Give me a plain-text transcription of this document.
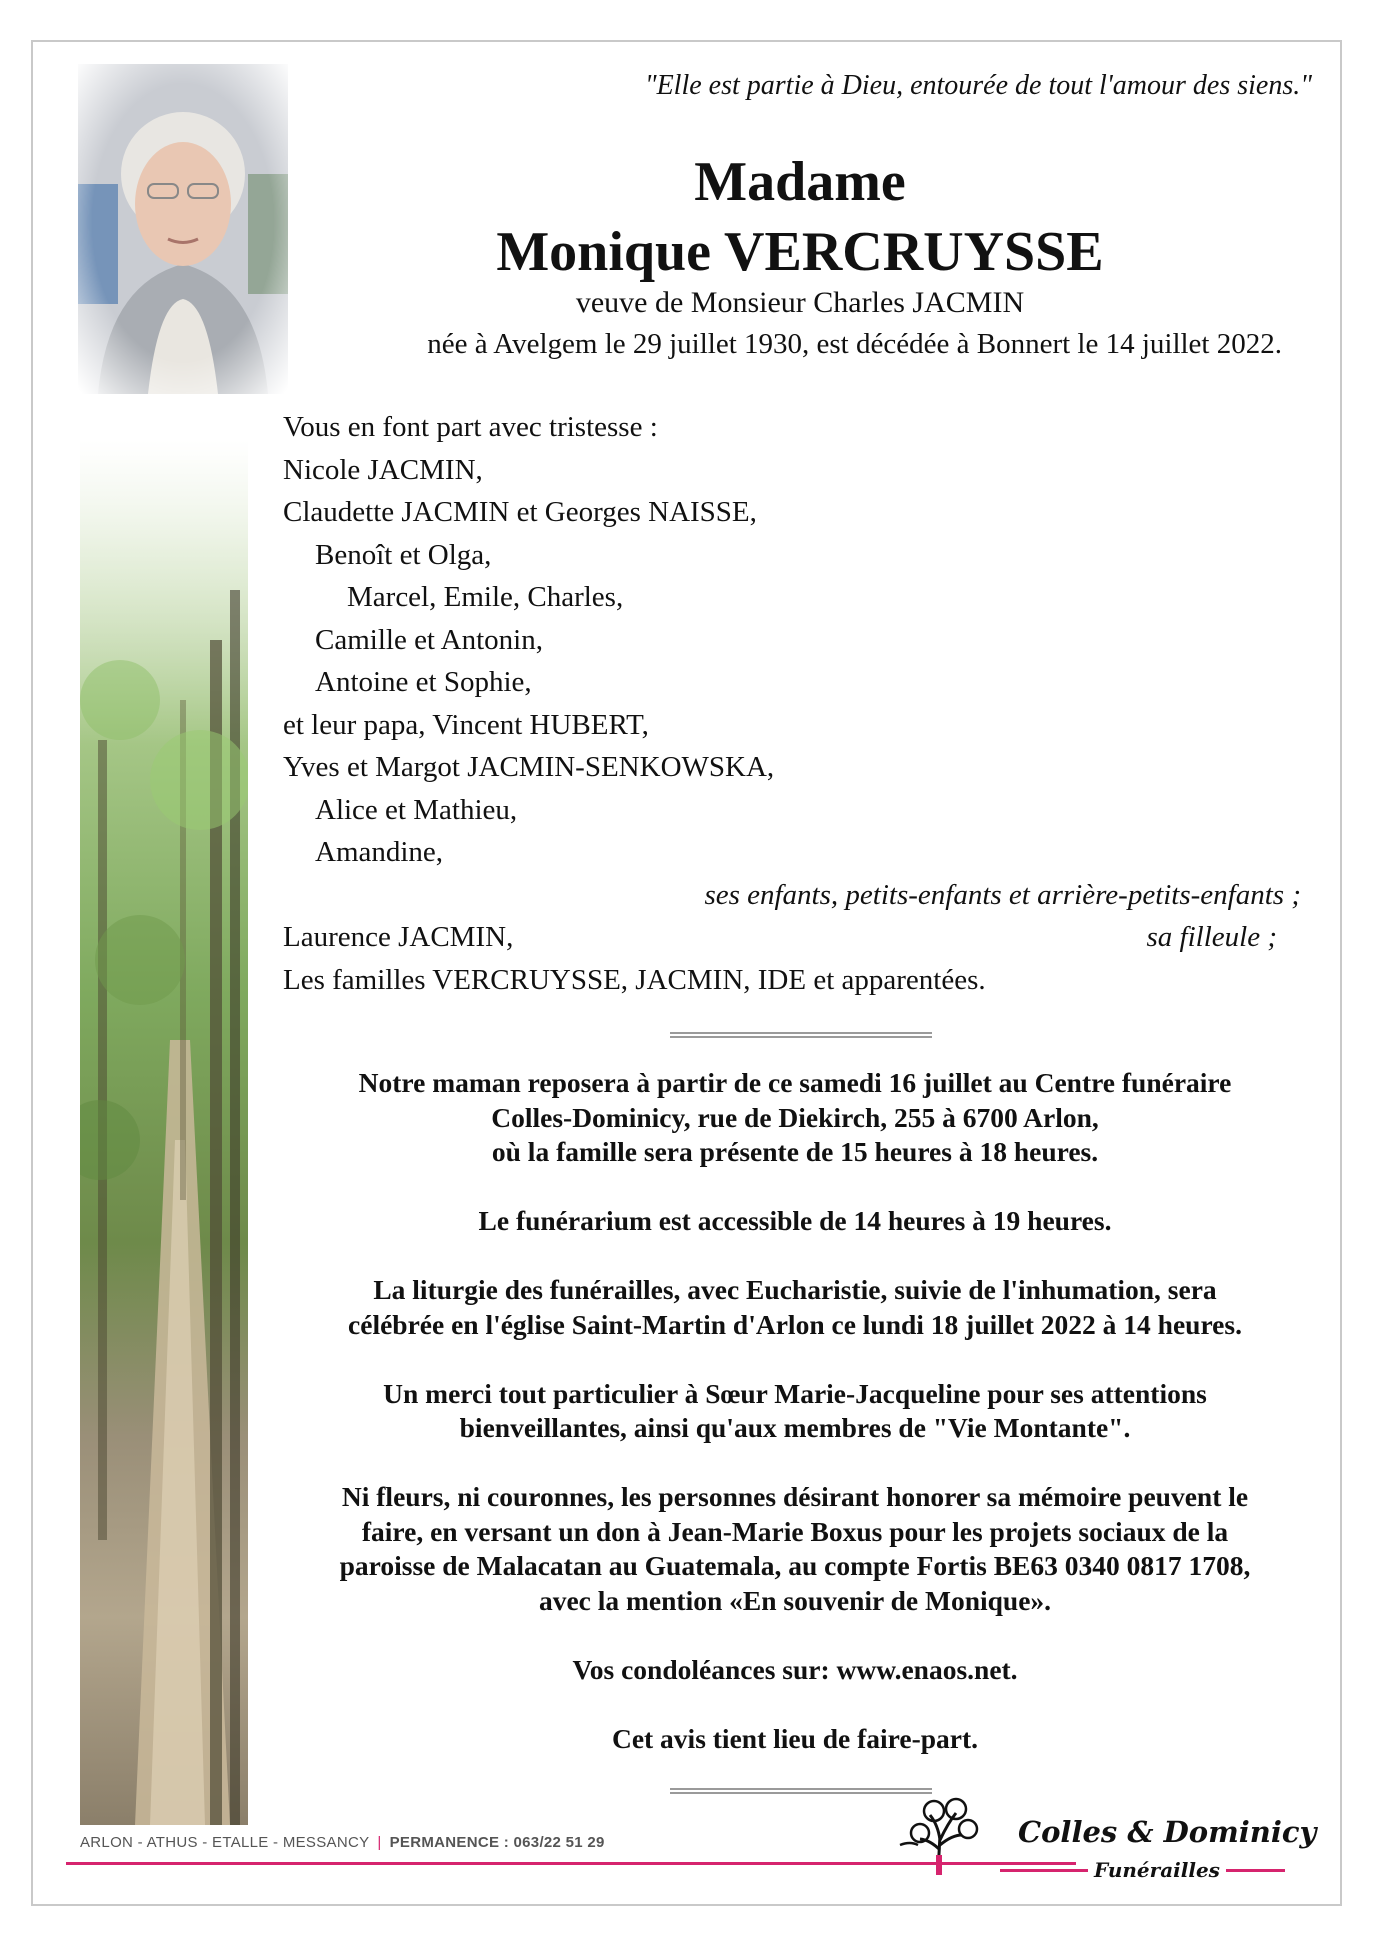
"Elle est partie à Dieu, entourée de tout l'amour des siens."
Madame
Monique VERCRUYSSE
veuve de Monsieur Charles JACMIN
née à Avelgem le 29 juillet 1930, est décédée à Bonnert le 14 juillet 2022.
Vous en font part avec tristesse :
Nicole JACMIN,
Claudette JACMIN et Georges NAISSE,
Benoît et Olga,
Marcel, Emile, Charles,
Camille et Antonin,
Antoine et Sophie,
et leur papa, Vincent HUBERT,
Yves et Margot JACMIN-SENKOWSKA,
Alice et Mathieu,
Amandine,
ses enfants, petits-enfants et arrière-petits-enfants ;
Laurence JACMIN,	sa filleule ;
Les familles VERCRUYSSE, JACMIN, IDE et apparentées.

Notre maman reposera à partir de ce samedi 16 juillet au Centre funéraire
Colles-Dominicy, rue de Diekirch, 255 à 6700 Arlon,
où la famille sera présente de 15 heures à 18 heures.

Le funérarium est accessible de 14 heures à 19 heures.

La liturgie des funérailles, avec Eucharistie, suivie de l'inhumation, sera
célébrée en l'église Saint-Martin d'Arlon ce lundi 18 juillet 2022 à 14 heures.

Un merci tout particulier à Sœur Marie-Jacqueline pour ses attentions
bienveillantes, ainsi qu'aux membres de "Vie Montante".

Ni fleurs, ni couronnes, les personnes désirant honorer sa mémoire peuvent le
faire, en versant un don à Jean-Marie Boxus pour les projets sociaux de la
paroisse de Malacatan au Guatemala, au compte Fortis BE63 0340 0817 1708,
avec la mention «En souvenir de Monique».

Vos condoléances sur: www.enaos.net.

Cet avis tient lieu de faire-part.

ARLON - ATHUS - ETALLE - MESSANCY | PERMANENCE : 063/22 51 29	Colles & Dominicy
Funérailles
